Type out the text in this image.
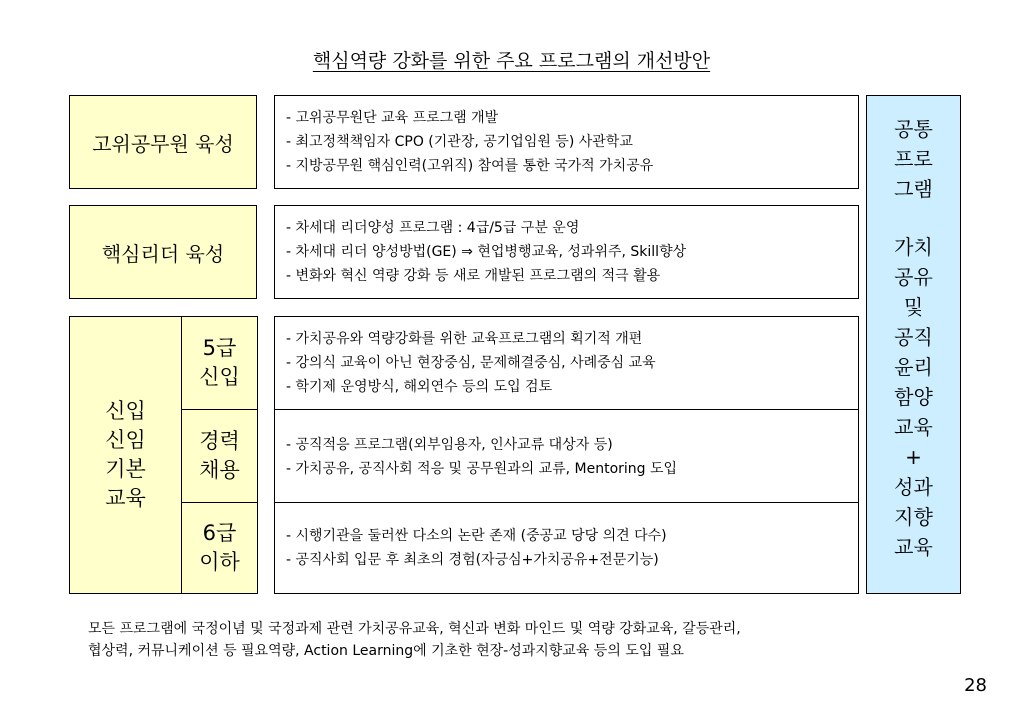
핵심역량 강화를 위한 주요 프로그램의 개선방안
고위공무원 육성
- 고위공무원단 교육 프로그램 개발
- 최고정책책임자 CPO (기관장, 공기업임원 등) 사관학교
- 지방공무원 핵심인력(고위직) 참여를 통한 국가적 가치공유
핵심리더 육성
- 차세대 리더양성 프로그램 : 4급/5급 구분 운영
- 차세대 리더 양성방법(GE) ⇒ 현업병행교육, 성과위주, Skill향상
- 변화와 혁신 역량 강화 등 새로 개발된 프로그램의 적극 활용
신입
신임
기본
교육
5급
신입
경력
채용
6급
이하
- 가치공유와 역량강화를 위한 교육프로그램의 획기적 개편
- 강의식 교육이 아닌 현장중심, 문제해결중심, 사례중심 교육
- 학기제 운영방식, 해외연수 등의 도입 검토
- 공직적응 프로그램(외부임용자, 인사교류 대상자 등)
- 가치공유, 공직사회 적응 및 공무원과의 교류, Mentoring 도입
- 시행기관을 둘러싼 다소의 논란 존재 (중공교 당당 의견 다수)
- 공직사회 입문 후 최초의 경험(자긍심+가치공유+전문기능)
공통
프로
그램
가치
공유
및
공직
윤리
함양
교육
+
성과
지향
교육
모든 프로그램에 국정이념 및 국정과제 관련 가치공유교육, 혁신과 변화 마인드 및 역량 강화교육, 갈등관리,
협상력, 커뮤니케이션 등 필요역량, Action Learning에 기초한 현장-성과지향교육 등의 도입 필요
28
